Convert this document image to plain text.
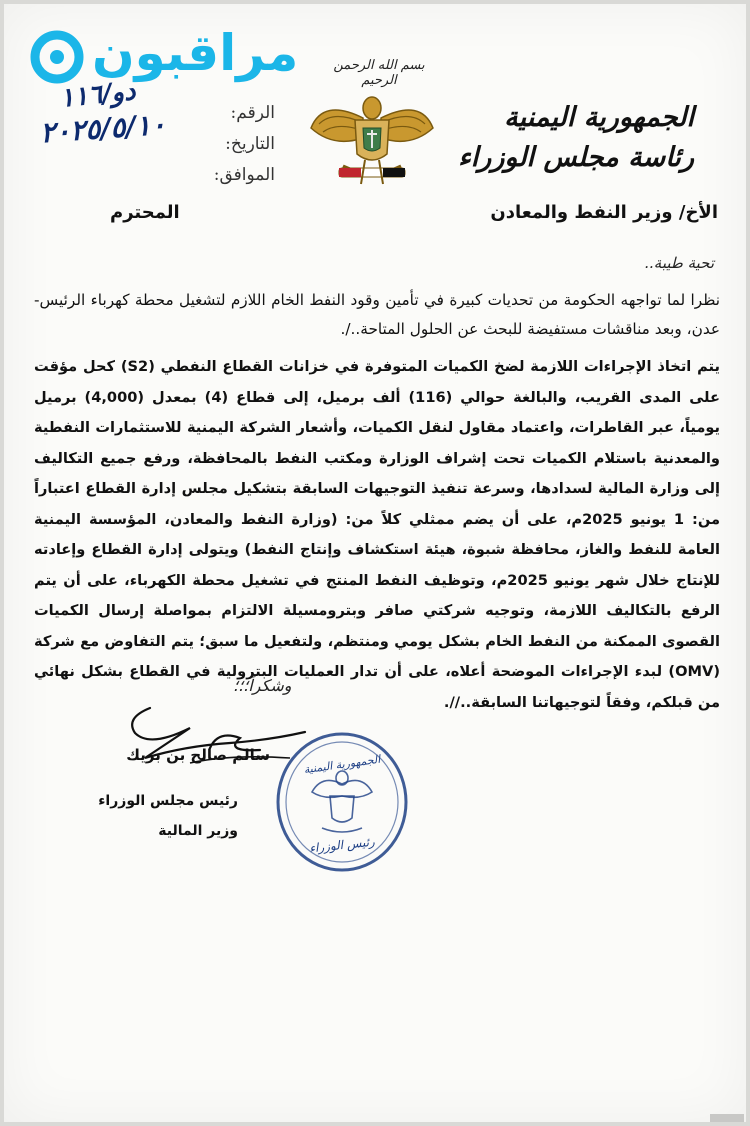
مراقبون	بسم الله الرحمن الرحيم
الجمهورية اليمنية
رئاسة مجلس الوزراء
الرقم:
التاريخ:
الموافق:
دو/١١٦
٢٠٢٥/٥/١٠
الأخ/ وزير النفط والمعادن
المحترم
تحية طيبة..
نظرا لما تواجهه الحكومة من تحديات كبيرة في تأمين وقود النفط الخام اللازم لتشغيل محطة كهرباء الرئيس- عدن، وبعد مناقشات مستفيضة للبحث عن الحلول المتاحة../.
يتم اتخاذ الإجراءات اللازمة لضخ الكميات المتوفرة في خزانات القطاع النفطي (S2) كحل مؤقت على المدى القريب، والبالغة حوالي (116) ألف برميل، إلى قطاع (4) بمعدل (4,000) برميل يومياً، عبر القاطرات، واعتماد مقاول لنقل الكميات، وأشعار الشركة اليمنية للاستثمارات النفطية والمعدنية باستلام الكميات تحت إشراف الوزارة ومكتب النفط بالمحافظة، ورفع جميع التكاليف إلى وزارة المالية لسدادها، وسرعة تنفيذ التوجيهات السابقة بتشكيل مجلس إدارة القطاع اعتباراً من: 1 يونيو 2025م، على أن يضم ممثلي كلاً من: (وزارة النفط والمعادن، المؤسسة اليمنية العامة للنفط والغاز، محافظة شبوة، هيئة استكشاف وإنتاج النفط) ويتولى إدارة القطاع وإعادته للإنتاج خلال شهر يونيو 2025م، وتوظيف النفط المنتج في تشغيل محطة الكهرباء، على أن يتم الرفع بالتكاليف اللازمة، وتوجيه شركتي صافر وبترومسيلة الالتزام بمواصلة إرسال الكميات القصوى الممكنة من النفط الخام بشكل يومي ومنتظم، ولتفعيل ما سبق؛ يتم التفاوض مع شركة (OMV) لبدء الإجراءات الموضحة أعلاه، على أن تدار العمليات البترولية في القطاع بشكل نهائي من قبلكم، وفقاً لتوجيهاتنا السابقة..//.
وشكراً؛؛؛
سالم صالح بن بريك
رئيس مجلس الوزراء
وزير المالية
الجمهورية اليمنية
رئيس الوزراء
